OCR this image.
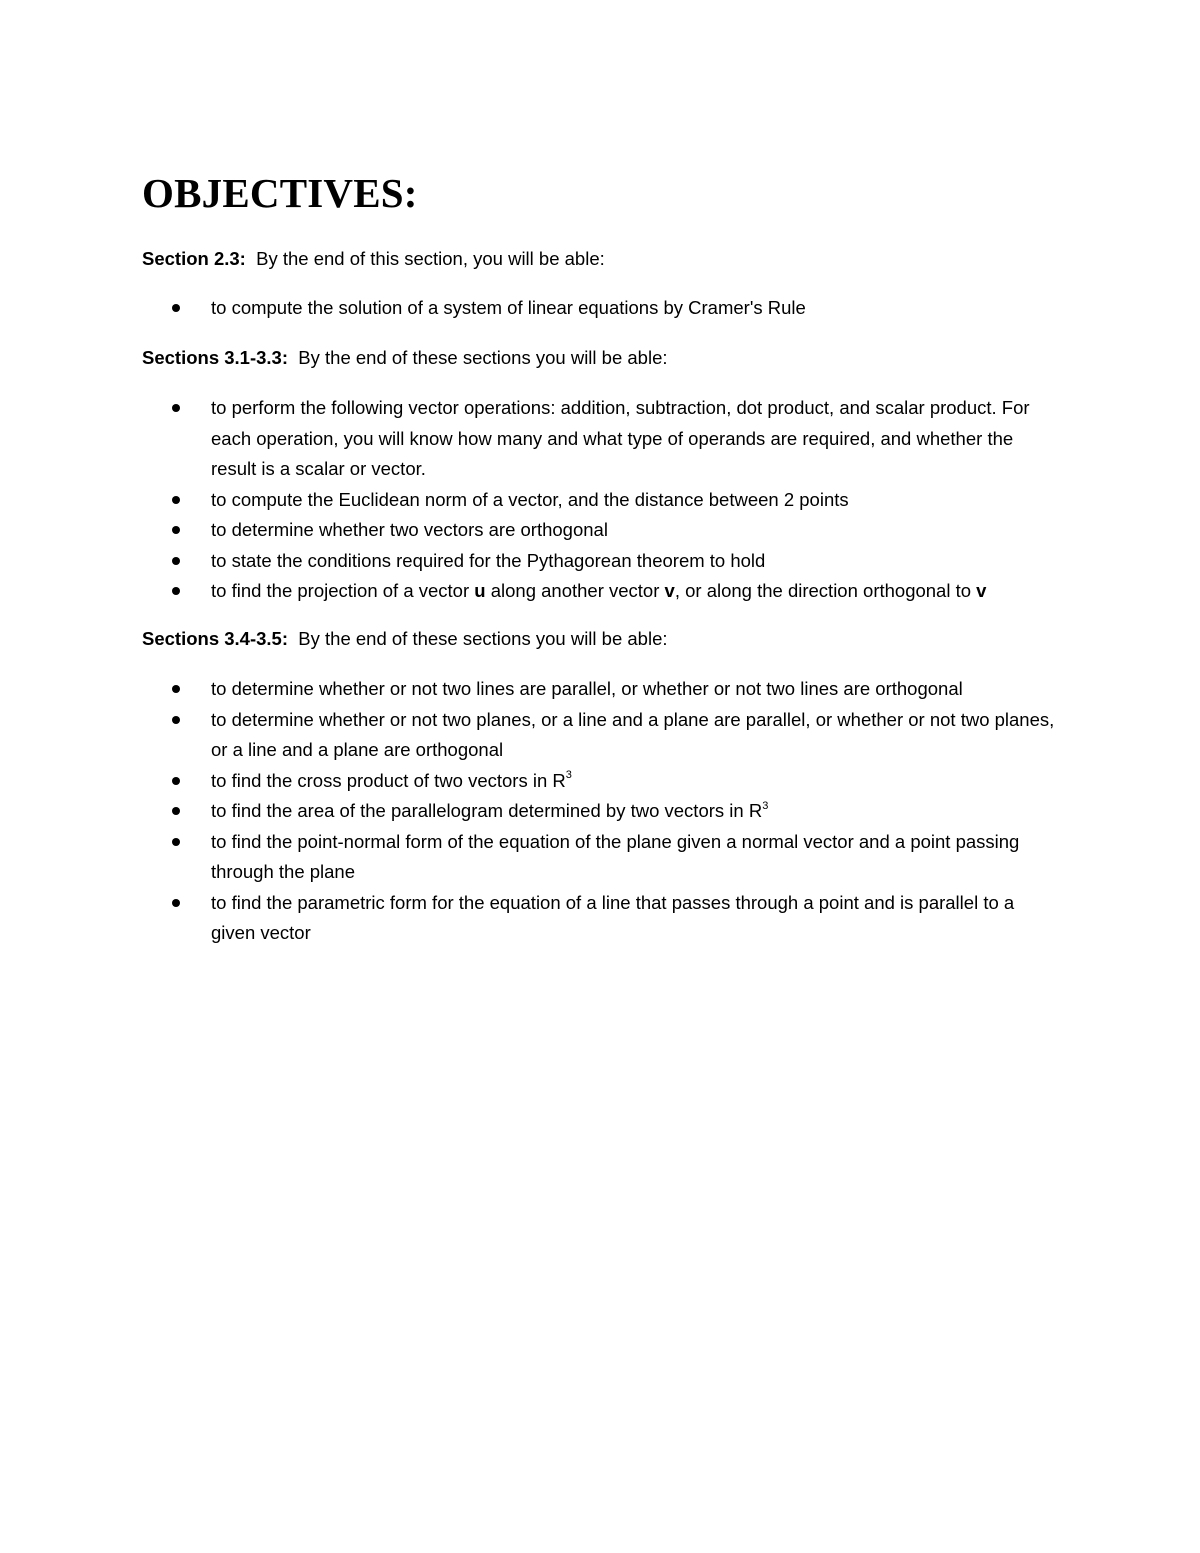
OBJECTIVES:

Section 2.3: By the end of this section, you will be able:

to compute the solution of a system of linear equations by Cramer's Rule

Sections 3.1-3.3: By the end of these sections you will be able:

to perform the following vector operations: addition, subtraction, dot product, and scalar product. For each operation, you will know how many and what type of operands are required, and whether the result is a scalar or vector.
to compute the Euclidean norm of a vector, and the distance between 2 points
to determine whether two vectors are orthogonal
to state the conditions required for the Pythagorean theorem to hold
to find the projection of a vector u along another vector v, or along the direction orthogonal to v

Sections 3.4-3.5: By the end of these sections you will be able:

to determine whether or not two lines are parallel, or whether or not two lines are orthogonal
to determine whether or not two planes, or a line and a plane are parallel, or whether or not two planes, or a line and a plane are orthogonal
to find the cross product of two vectors in $R^3$
to find the area of the parallelogram determined by two vectors in $R^3$
to find the point-normal form of the equation of the plane given a normal vector and a point passing through the plane
to find the parametric form for the equation of a line that passes through a point and is parallel to a given vector
